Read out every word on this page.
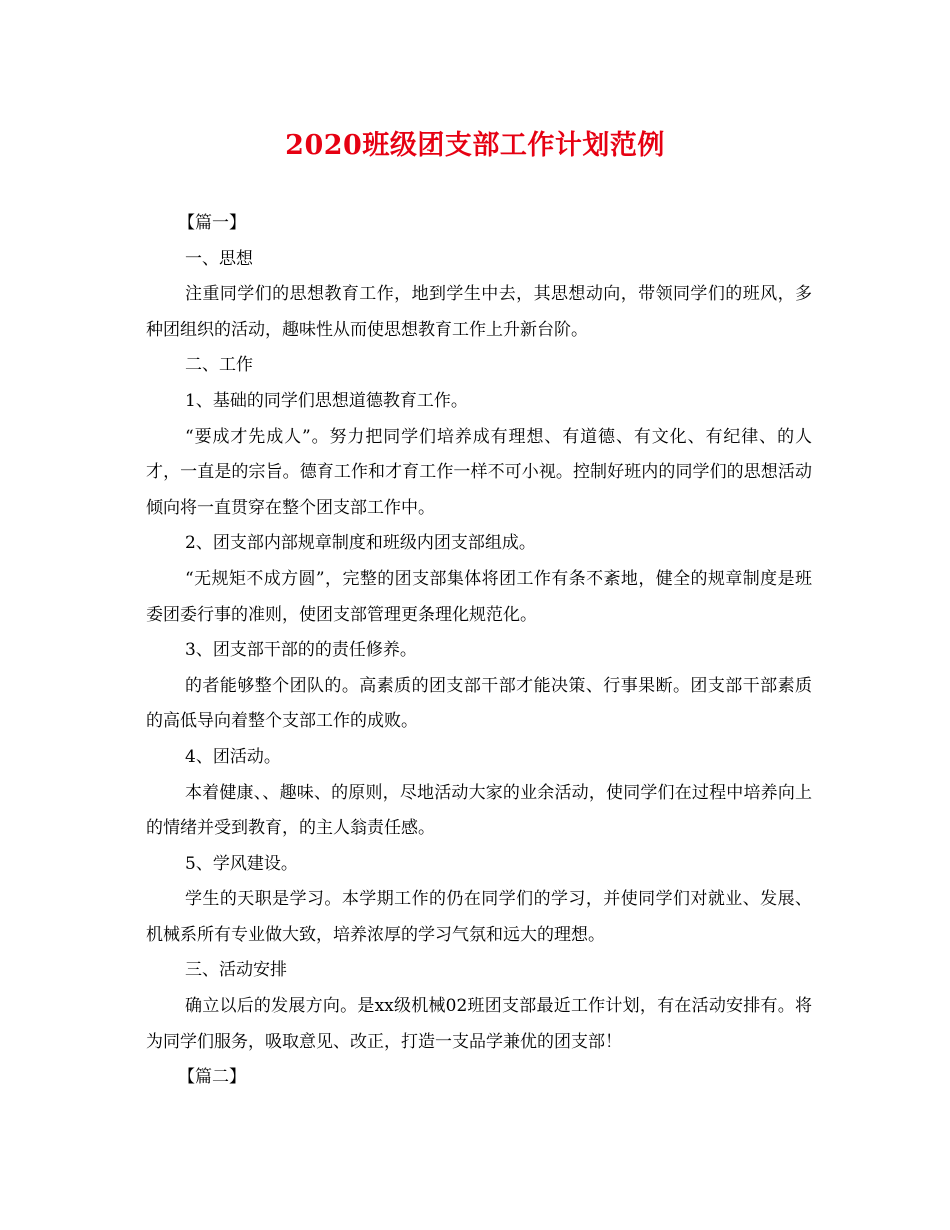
2020班级团支部工作计划范例

【篇一】

一、思想

注重同学们的思想教育工作，地到学生中去，其思想动向，带领同学们的班风，多种团组织的活动，趣味性从而使思想教育工作上升新台阶。

二、工作

1、基础的同学们思想道德教育工作。

“要成才先成人”。努力把同学们培养成有理想、有道德、有文化、有纪律、的人才，一直是的宗旨。德育工作和才育工作一样不可小视。控制好班内的同学们的思想活动倾向将一直贯穿在整个团支部工作中。

2、团支部内部规章制度和班级内团支部组成。

“无规矩不成方圆”，完整的团支部集体将团工作有条不紊地，健全的规章制度是班委团委行事的准则，使团支部管理更条理化规范化。

3、团支部干部的的责任修养。

的者能够整个团队的。高素质的团支部干部才能决策、行事果断。团支部干部素质的高低导向着整个支部工作的成败。

4、团活动。

本着健康、、趣味、的原则，尽地活动大家的业余活动，使同学们在过程中培养向上的情绪并受到教育，的主人翁责任感。

5、学风建设。

学生的天职是学习。本学期工作的仍在同学们的学习，并使同学们对就业、发展、机械系所有专业做大致，培养浓厚的学习气氛和远大的理想。

三、活动安排

确立以后的发展方向。是xx级机械02班团支部最近工作计划，有在活动安排有。将为同学们服务，吸取意见、改正，打造一支品学兼优的团支部！

【篇二】
